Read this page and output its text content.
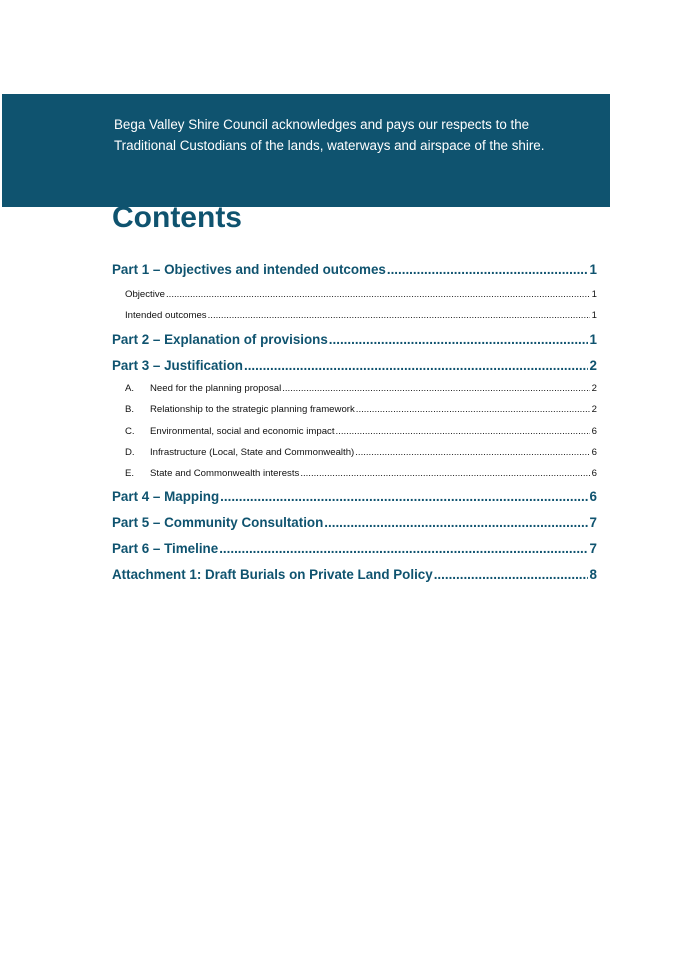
Bega Valley Shire Council acknowledges and pays our respects to the
Traditional Custodians of the lands, waterways and airspace of the shire.

Contents
Part 1 – Objectives and intended outcomes .....	1
Objective .....	1
Intended outcomes .....	1
Part 2 – Explanation of provisions .....	1
Part 3 – Justification .....	2
A.	Need for the planning proposal .....	2
B.	Relationship to the strategic planning framework .....	2
C.	Environmental, social and economic impact .....	6
D.	Infrastructure (Local, State and Commonwealth) .....	6
E.	State and Commonwealth interests .....	6
Part 4 – Mapping .....	6
Part 5 – Community Consultation .....	7
Part 6 – Timeline .....	7
Attachment 1: Draft Burials on Private Land Policy .....	8
